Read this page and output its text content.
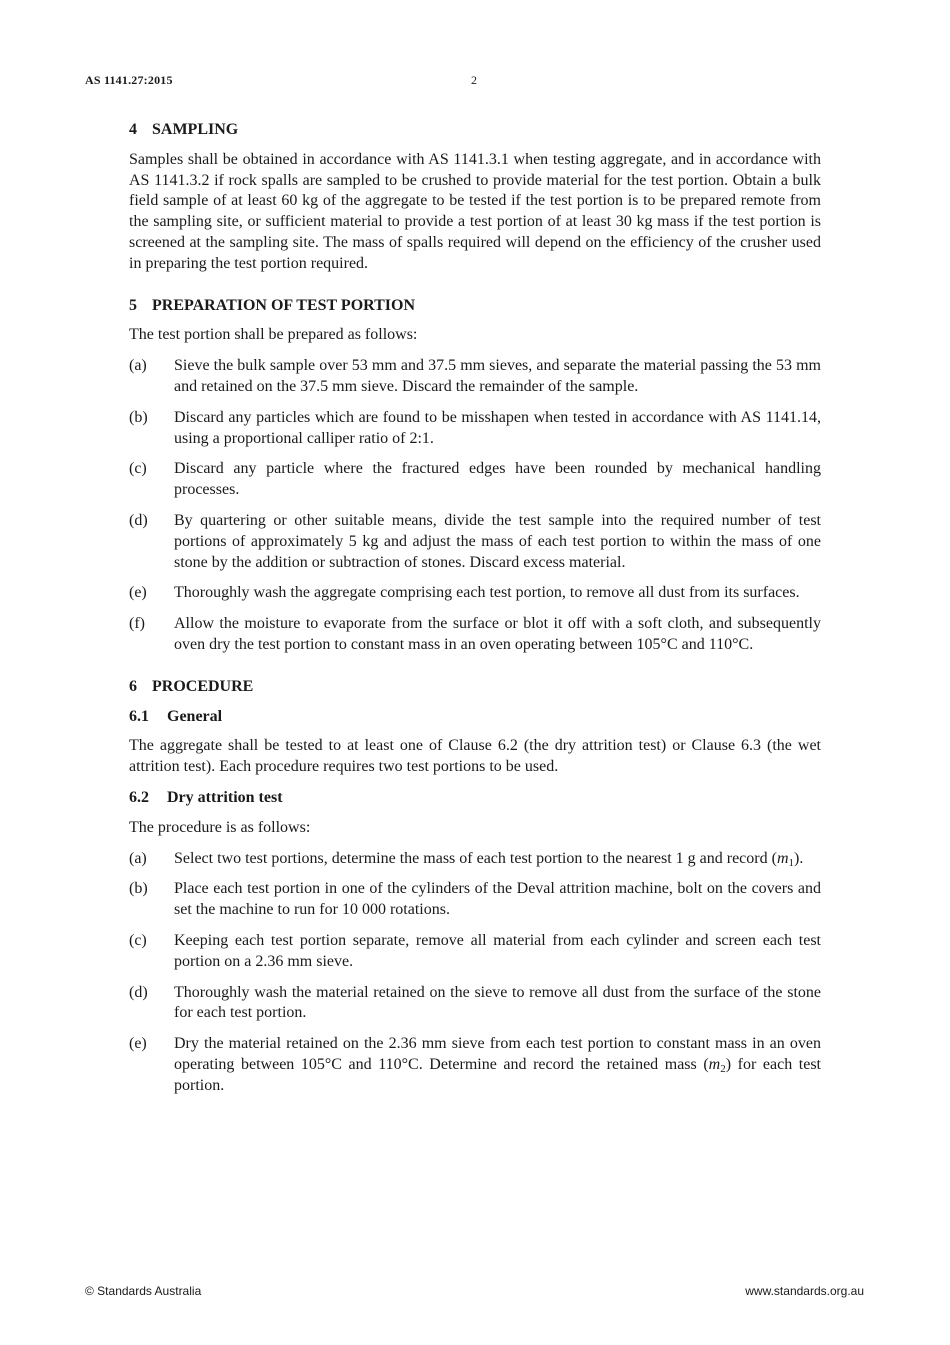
AS 1141.27:2015	2
4 SAMPLING

Samples shall be obtained in accordance with AS 1141.3.1 when testing aggregate, and in accordance with AS 1141.3.2 if rock spalls are sampled to be crushed to provide material for the test portion. Obtain a bulk field sample of at least 60 kg of the aggregate to be tested if the test portion is to be prepared remote from the sampling site, or sufficient material to provide a test portion of at least 30 kg mass if the test portion is screened at the sampling site. The mass of spalls required will depend on the efficiency of the crusher used in preparing the test portion required.

5 PREPARATION OF TEST PORTION

The test portion shall be prepared as follows:

(a) Sieve the bulk sample over 53 mm and 37.5 mm sieves, and separate the material passing the 53 mm and retained on the 37.5 mm sieve. Discard the remainder of the sample.
(b) Discard any particles which are found to be misshapen when tested in accordance with AS 1141.14, using a proportional calliper ratio of 2:1.
(c) Discard any particle where the fractured edges have been rounded by mechanical handling processes.
(d) By quartering or other suitable means, divide the test sample into the required number of test portions of approximately 5 kg and adjust the mass of each test portion to within the mass of one stone by the addition or subtraction of stones. Discard excess material.
(e) Thoroughly wash the aggregate comprising each test portion, to remove all dust from its surfaces.
(f) Allow the moisture to evaporate from the surface or blot it off with a soft cloth, and subsequently oven dry the test portion to constant mass in an oven operating between 105°C and 110°C.
6 PROCEDURE
6.1 General

The aggregate shall be tested to at least one of Clause 6.2 (the dry attrition test) or Clause 6.3 (the wet attrition test). Each procedure requires two test portions to be used.

6.2 Dry attrition test

The procedure is as follows:

(a) Select two test portions, determine the mass of each test portion to the nearest 1 g and record $(m_1)$.
(b) Place each test portion in one of the cylinders of the Deval attrition machine, bolt on the covers and set the machine to run for 10 000 rotations.
(c) Keeping each test portion separate, remove all material from each cylinder and screen each test portion on a 2.36 mm sieve.
(d) Thoroughly wash the material retained on the sieve to remove all dust from the surface of the stone for each test portion.
(e) Dry the material retained on the 2.36 mm sieve from each test portion to constant mass in an oven operating between 105°C and 110°C. Determine and record the retained mass $(m_2)$ for each test portion.
© Standards Australia	www.standards.org.au
